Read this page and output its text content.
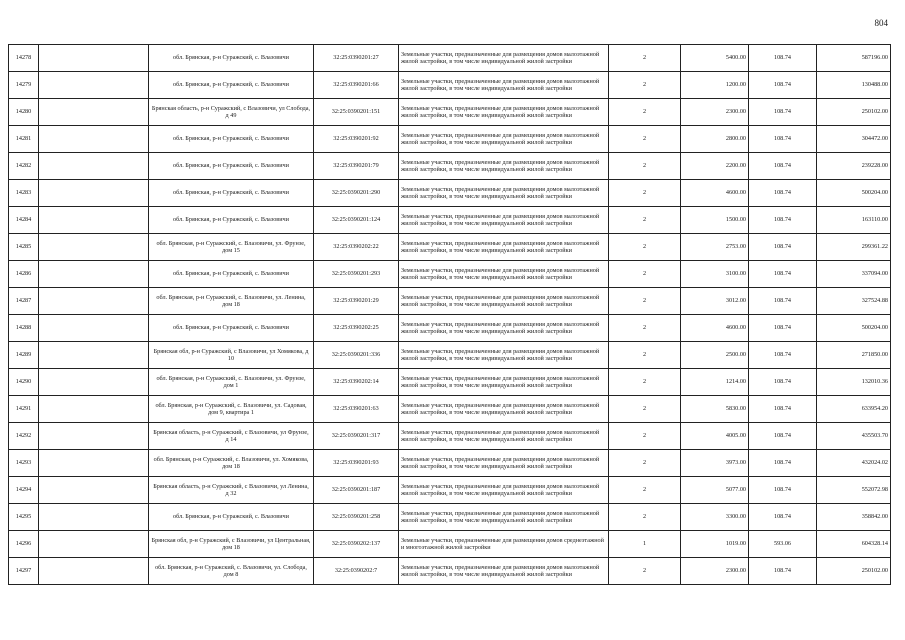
804
14278		обл. Брянская, р-н Суражский, с. Влазовичи	32:25:0390201:27	Земельные участки, предназначенные для размещения домов малоэтажной жилой застройки, в том числе индивидуальной жилой застройки	2	5400.00	108.74	587196.00
14279		обл. Брянская, р-н Суражский, с. Влазовичи	32:25:0390201:66	Земельные участки, предназначенные для размещения домов малоэтажной жилой застройки, в том числе индивидуальной жилой застройки	2	1200.00	108.74	130488.00
14280		Брянская область, р-н Суражский, с Влазовичи, ул Слобода, д 49	32:25:0390201:151	Земельные участки, предназначенные для размещения домов малоэтажной жилой застройки, в том числе индивидуальной жилой застройки	2	2300.00	108.74	250102.00
14281		обл. Брянская, р-н Суражский, с. Влазовичи	32:25:0390201:92	Земельные участки, предназначенные для размещения домов малоэтажной жилой застройки, в том числе индивидуальной жилой застройки	2	2800.00	108.74	304472.00
14282		обл. Брянская, р-н Суражский, с. Влазовичи	32:25:0390201:79	Земельные участки, предназначенные для размещения домов малоэтажной жилой застройки, в том числе индивидуальной жилой застройки	2	2200.00	108.74	239228.00
14283		обл. Брянская, р-н Суражский, с. Влазовичи	32:25:0390201:290	Земельные участки, предназначенные для размещения домов малоэтажной жилой застройки, в том числе индивидуальной жилой застройки	2	4600.00	108.74	500204.00
14284		обл. Брянская, р-н Суражский, с. Влазовичи	32:25:0390201:124	Земельные участки, предназначенные для размещения домов малоэтажной жилой застройки, в том числе индивидуальной жилой застройки	2	1500.00	108.74	163110.00
14285		обл. Брянская, р-н Суражский, с. Влазовичи, ул. Фрунзе, дом 15	32:25:0390202:22	Земельные участки, предназначенные для размещения домов малоэтажной жилой застройки, в том числе индивидуальной жилой застройки	2	2753.00	108.74	299361.22
14286		обл. Брянская, р-н Суражский, с. Влазовичи	32:25:0390201:293	Земельные участки, предназначенные для размещения домов малоэтажной жилой застройки, в том числе индивидуальной жилой застройки	2	3100.00	108.74	337094.00
14287		обл. Брянская, р-н Суражский, с. Влазовичи, ул. Ленина, дом 18	32:25:0390201:29	Земельные участки, предназначенные для размещения домов малоэтажной жилой застройки, в том числе индивидуальной жилой застройки	2	3012.00	108.74	327524.88
14288		обл. Брянская, р-н Суражский, с. Влазовичи	32:25:0390202:25	Земельные участки, предназначенные для размещения домов малоэтажной жилой застройки, в том числе индивидуальной жилой застройки	2	4600.00	108.74	500204.00
14289		Брянская обл, р-н Суражский, с Влазовичи, ул Хомякова, д 10	32:25:0390201:336	Земельные участки, предназначенные для размещения домов малоэтажной жилой застройки, в том числе индивидуальной жилой застройки	2	2500.00	108.74	271850.00
14290		обл. Брянская, р-н Суражский, с. Влазовичи, ул. Фрунзе, дом 1	32:25:0390202:14	Земельные участки, предназначенные для размещения домов малоэтажной жилой застройки, в том числе индивидуальной жилой застройки	2	1214.00	108.74	132010.36
14291		обл. Брянская, р-н Суражский, с. Влазовичи, ул. Садовая, дом 9, квартира 1	32:25:0390201:63	Земельные участки, предназначенные для размещения домов малоэтажной жилой застройки, в том числе индивидуальной жилой застройки	2	5830.00	108.74	633954.20
14292		Брянская область, р-н Суражский, с Влазовичи, ул Фрунзе, д 14	32:25:0390201:317	Земельные участки, предназначенные для размещения домов малоэтажной жилой застройки, в том числе индивидуальной жилой застройки	2	4005.00	108.74	435503.70
14293		обл. Брянская, р-н Суражский, с. Влазовичи, ул. Хомякова, дом 18	32:25:0390201:93	Земельные участки, предназначенные для размещения домов малоэтажной жилой застройки, в том числе индивидуальной жилой застройки	2	3973.00	108.74	432024.02
14294		Брянская область, р-н Суражский, с Влазовичи, ул Ленина, д 32	32:25:0390201:187	Земельные участки, предназначенные для размещения домов малоэтажной жилой застройки, в том числе индивидуальной жилой застройки	2	5077.00	108.74	552072.98
14295		обл. Брянская, р-н Суражский, с. Влазовичи	32:25:0390201:258	Земельные участки, предназначенные для размещения домов малоэтажной жилой застройки, в том числе индивидуальной жилой застройки	2	3300.00	108.74	358842.00
14296		Брянская обл, р-н Суражский, с Влазовичи, ул Центральная, дом 18	32:25:0390202:137	Земельные участки, предназначенные для размещения домов среднеэтажной и многоэтажной жилой застройки	1	1019.00	593.06	604328.14
14297		обл. Брянская, р-н Суражский, с. Влазовичи, ул. Слобода, дом 8	32:25:0390202:7	Земельные участки, предназначенные для размещения домов малоэтажной жилой застройки, в том числе индивидуальной жилой застройки	2	2300.00	108.74	250102.00
